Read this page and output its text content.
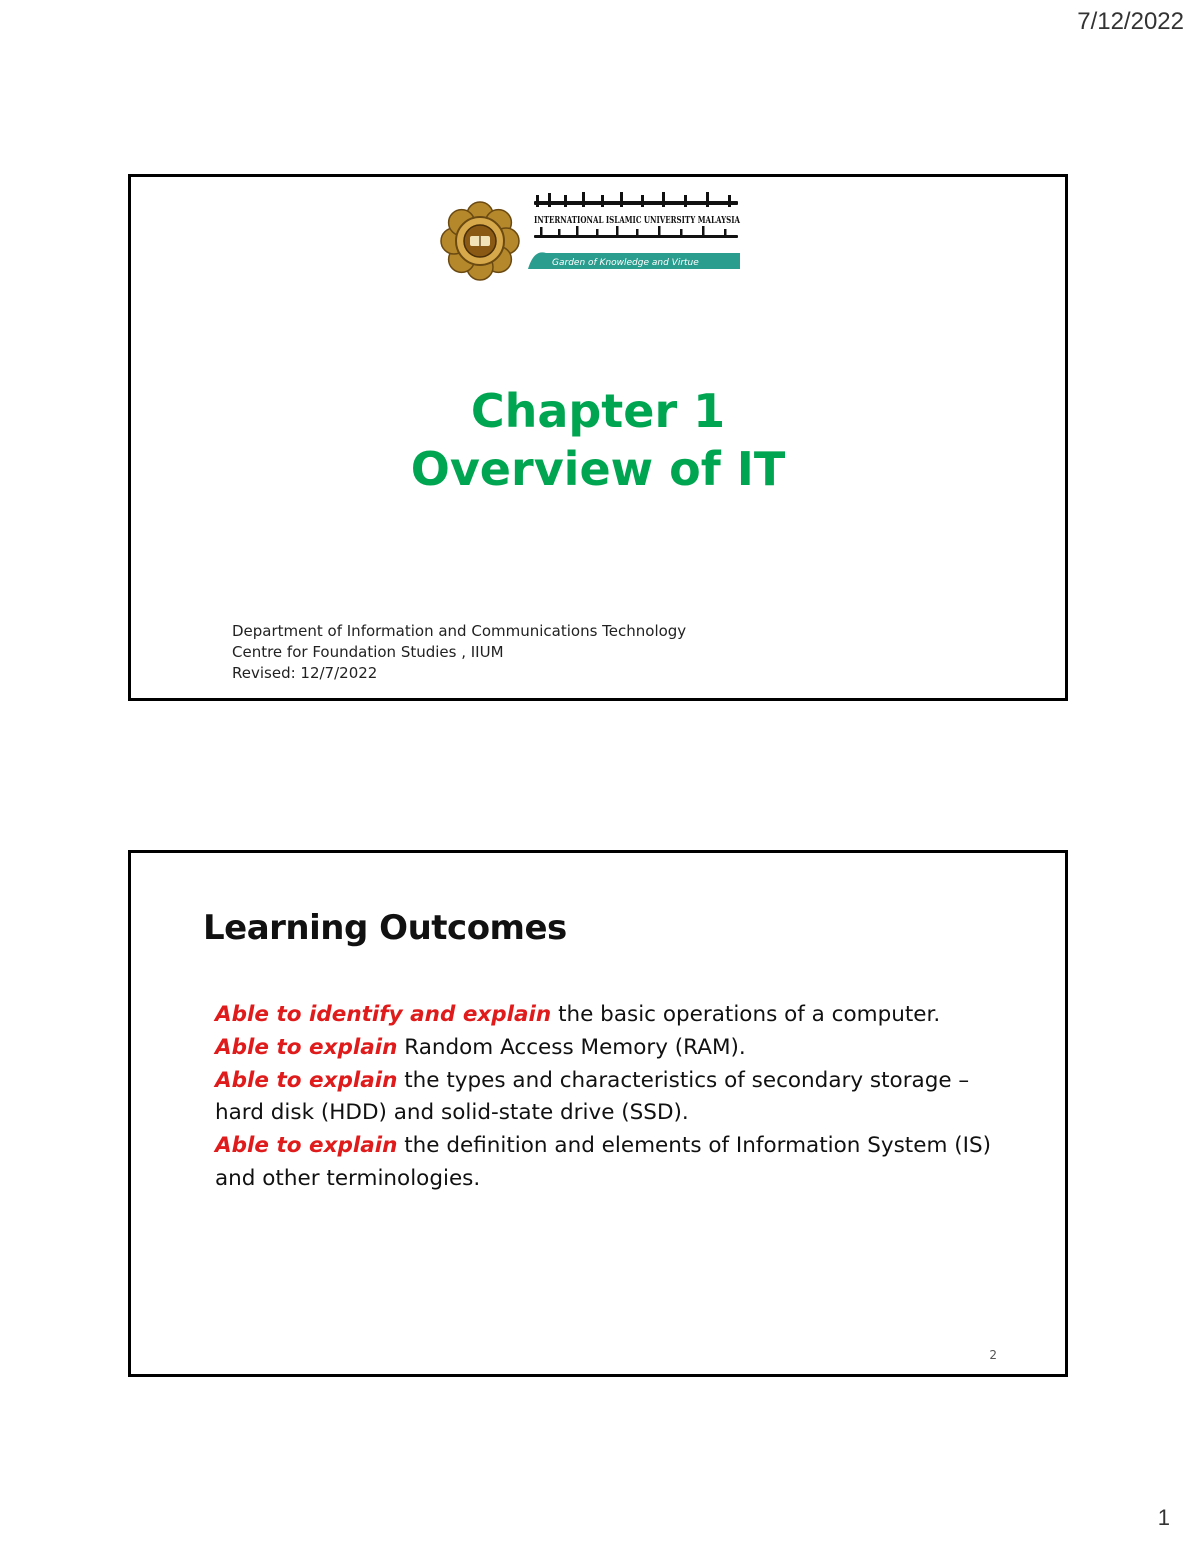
7/12/2022
INTERNATIONAL ISLAMIC UNIVERSITY MALAYSIA
Garden of Knowledge and Virtue
Chapter 1
Overview of IT
Department of Information and Communications Technology
Centre for Foundation Studies , IIUM
Revised: 12/7/2022
Learning Outcomes

Able to identify and explain the basic operations of a computer.

Able to explain Random Access Memory (RAM).

Able to explain the types and characteristics of secondary storage – hard disk (HDD) and solid-state drive (SSD).

Able to explain the definition and elements of Information System (IS) and other terminologies.

2
1
